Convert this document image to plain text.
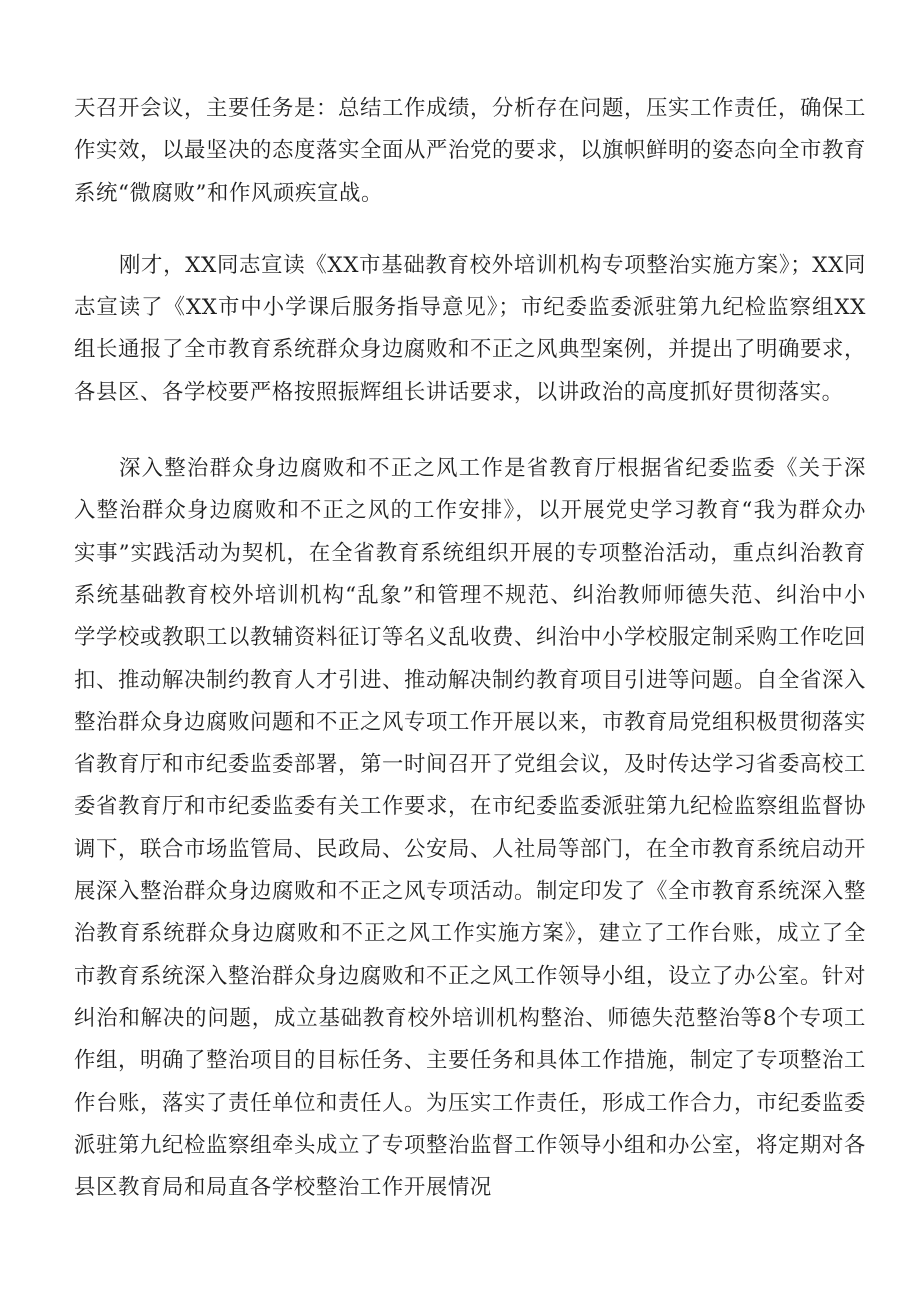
天召开会议，主要任务是：总结工作成绩，分析存在问题，压实工作责任，确保工作实效，以最坚决的态度落实全面从严治党的要求，以旗帜鲜明的姿态向全市教育系统“微腐败”和作风顽疾宣战。

刚才，XX同志宣读《XX市基础教育校外培训机构专项整治实施方案》；XX同志宣读了《XX市中小学课后服务指导意见》；市纪委监委派驻第九纪检监察组XX组长通报了全市教育系统群众身边腐败和不正之风典型案例，并提出了明确要求，各县区、各学校要严格按照振辉组长讲话要求，以讲政治的高度抓好贯彻落实。

深入整治群众身边腐败和不正之风工作是省教育厅根据省纪委监委《关于深入整治群众身边腐败和不正之风的工作安排》，以开展党史学习教育“我为群众办实事”实践活动为契机，在全省教育系统组织开展的专项整治活动，重点纠治教育系统基础教育校外培训机构“乱象”和管理不规范、纠治教师师德失范、纠治中小学学校或教职工以教辅资料征订等名义乱收费、纠治中小学校服定制采购工作吃回扣、推动解决制约教育人才引进、推动解决制约教育项目引进等问题。自全省深入整治群众身边腐败问题和不正之风专项工作开展以来，市教育局党组积极贯彻落实省教育厅和市纪委监委部署，第一时间召开了党组会议，及时传达学习省委高校工委省教育厅和市纪委监委有关工作要求，在市纪委监委派驻第九纪检监察组监督协调下，联合市场监管局、民政局、公安局、人社局等部门，在全市教育系统启动开展深入整治群众身边腐败和不正之风专项活动。制定印发了《全市教育系统深入整治教育系统群众身边腐败和不正之风工作实施方案》，建立了工作台账，成立了全市教育系统深入整治群众身边腐败和不正之风工作领导小组，设立了办公室。针对纠治和解决的问题，成立基础教育校外培训机构整治、师德失范整治等8个专项工作组，明确了整治项目的目标任务、主要任务和具体工作措施，制定了专项整治工作台账，落实了责任单位和责任人。为压实工作责任，形成工作合力，市纪委监委派驻第九纪检监察组牵头成立了专项整治监督工作领导小组和办公室，将定期对各县区教育局和局直各学校整治工作开展情况
